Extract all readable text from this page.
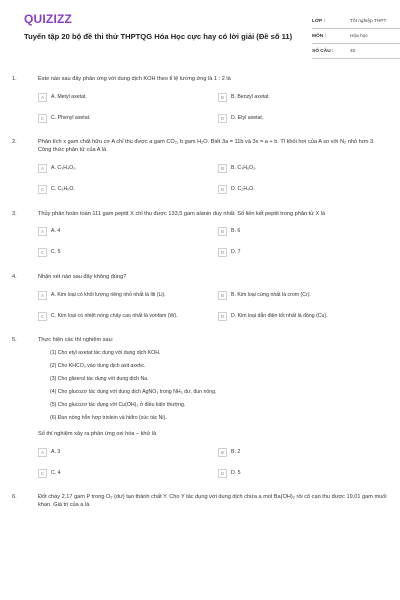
QUIZIZZ
Tuyển tập 20 bộ đề thi thử THPTQG Hóa Học cực hay có lời giải (Đề số 11)
LỚP :	Tốt nghiệp THPT
MÔN :	Hóa học
SỐ CÂU :	40
1.	Este nào sau đây phản ứng với dung dịch KOH theo tỉ lệ tương ứng là 1 : 2 là
A	A. Metyl axetat.	B	B. Benzyl axetat.
C	C. Phenyl axetat.	D	D. Etyl axetat.
2.	Phân tích x gam chất hữu cơ A chỉ thu được a gam CO₂, b gam H₂O. Biết 3a = 11b và 3x = a + b. Tỉ khối hơi của A so với N₂ nhỏ hơn 3. Công thức phân tử của A là
A	A. C₃H₄O₂.	B	B. C₃H₆O₂.
C	C. C₃H₆O.	D	D. C₂H₄O.
3.	Thủy phân hoàn toàn 111 gam peptit X chỉ thu được 133,5 gam alanin duy nhất. Số liên kết peptit trong phân tử X là
A	A. 4	B	B. 6
C	C. 5	D	D. 7
4.	Nhận xét nào sau đây không đúng?
A	A. Kim loại có khối lượng riêng nhỏ nhất là liti (Li).	B	B. Kim loại cứng nhất là crom (Cr).
C	C. Kim loại có nhiệt nóng chảy cao nhất là vonfam (W).	D	D. Kim loại dẫn điện tốt nhất là đồng (Cu).
5.	Thực hiện các thí nghiệm sau:
(1) Cho etyl axetat tác dụng với dung dịch KOH.
(2) Cho KHCO₃ vào dung dịch axit axetic.
(3) Cho glixerol tác dụng với dung dịch Na.
(4) Cho glucozơ tác dụng với dung dịch AgNO₃ trong NH₃ dư, đun nóng.
(5) Cho glucozơ tác dụng với Cu(OH)₂ ở điều kiện thường.
(6) Đun nóng hỗn hợp triolein và hiđro (xúc tác Ni).
Số thí nghiệm xảy ra phản ứng oxi hóa – khử là
A	A. 3	B	B. 2
C	C. 4	D	D. 5
6.	Đốt cháy 2,17 gam P trong O₂ (dư) tạo thành chất Y. Cho Y tác dụng với dung dịch chứa a mol Ba(OH)₂ rồi cô cạn thu được 19,01 gam muối khan. Giá trị của a là
